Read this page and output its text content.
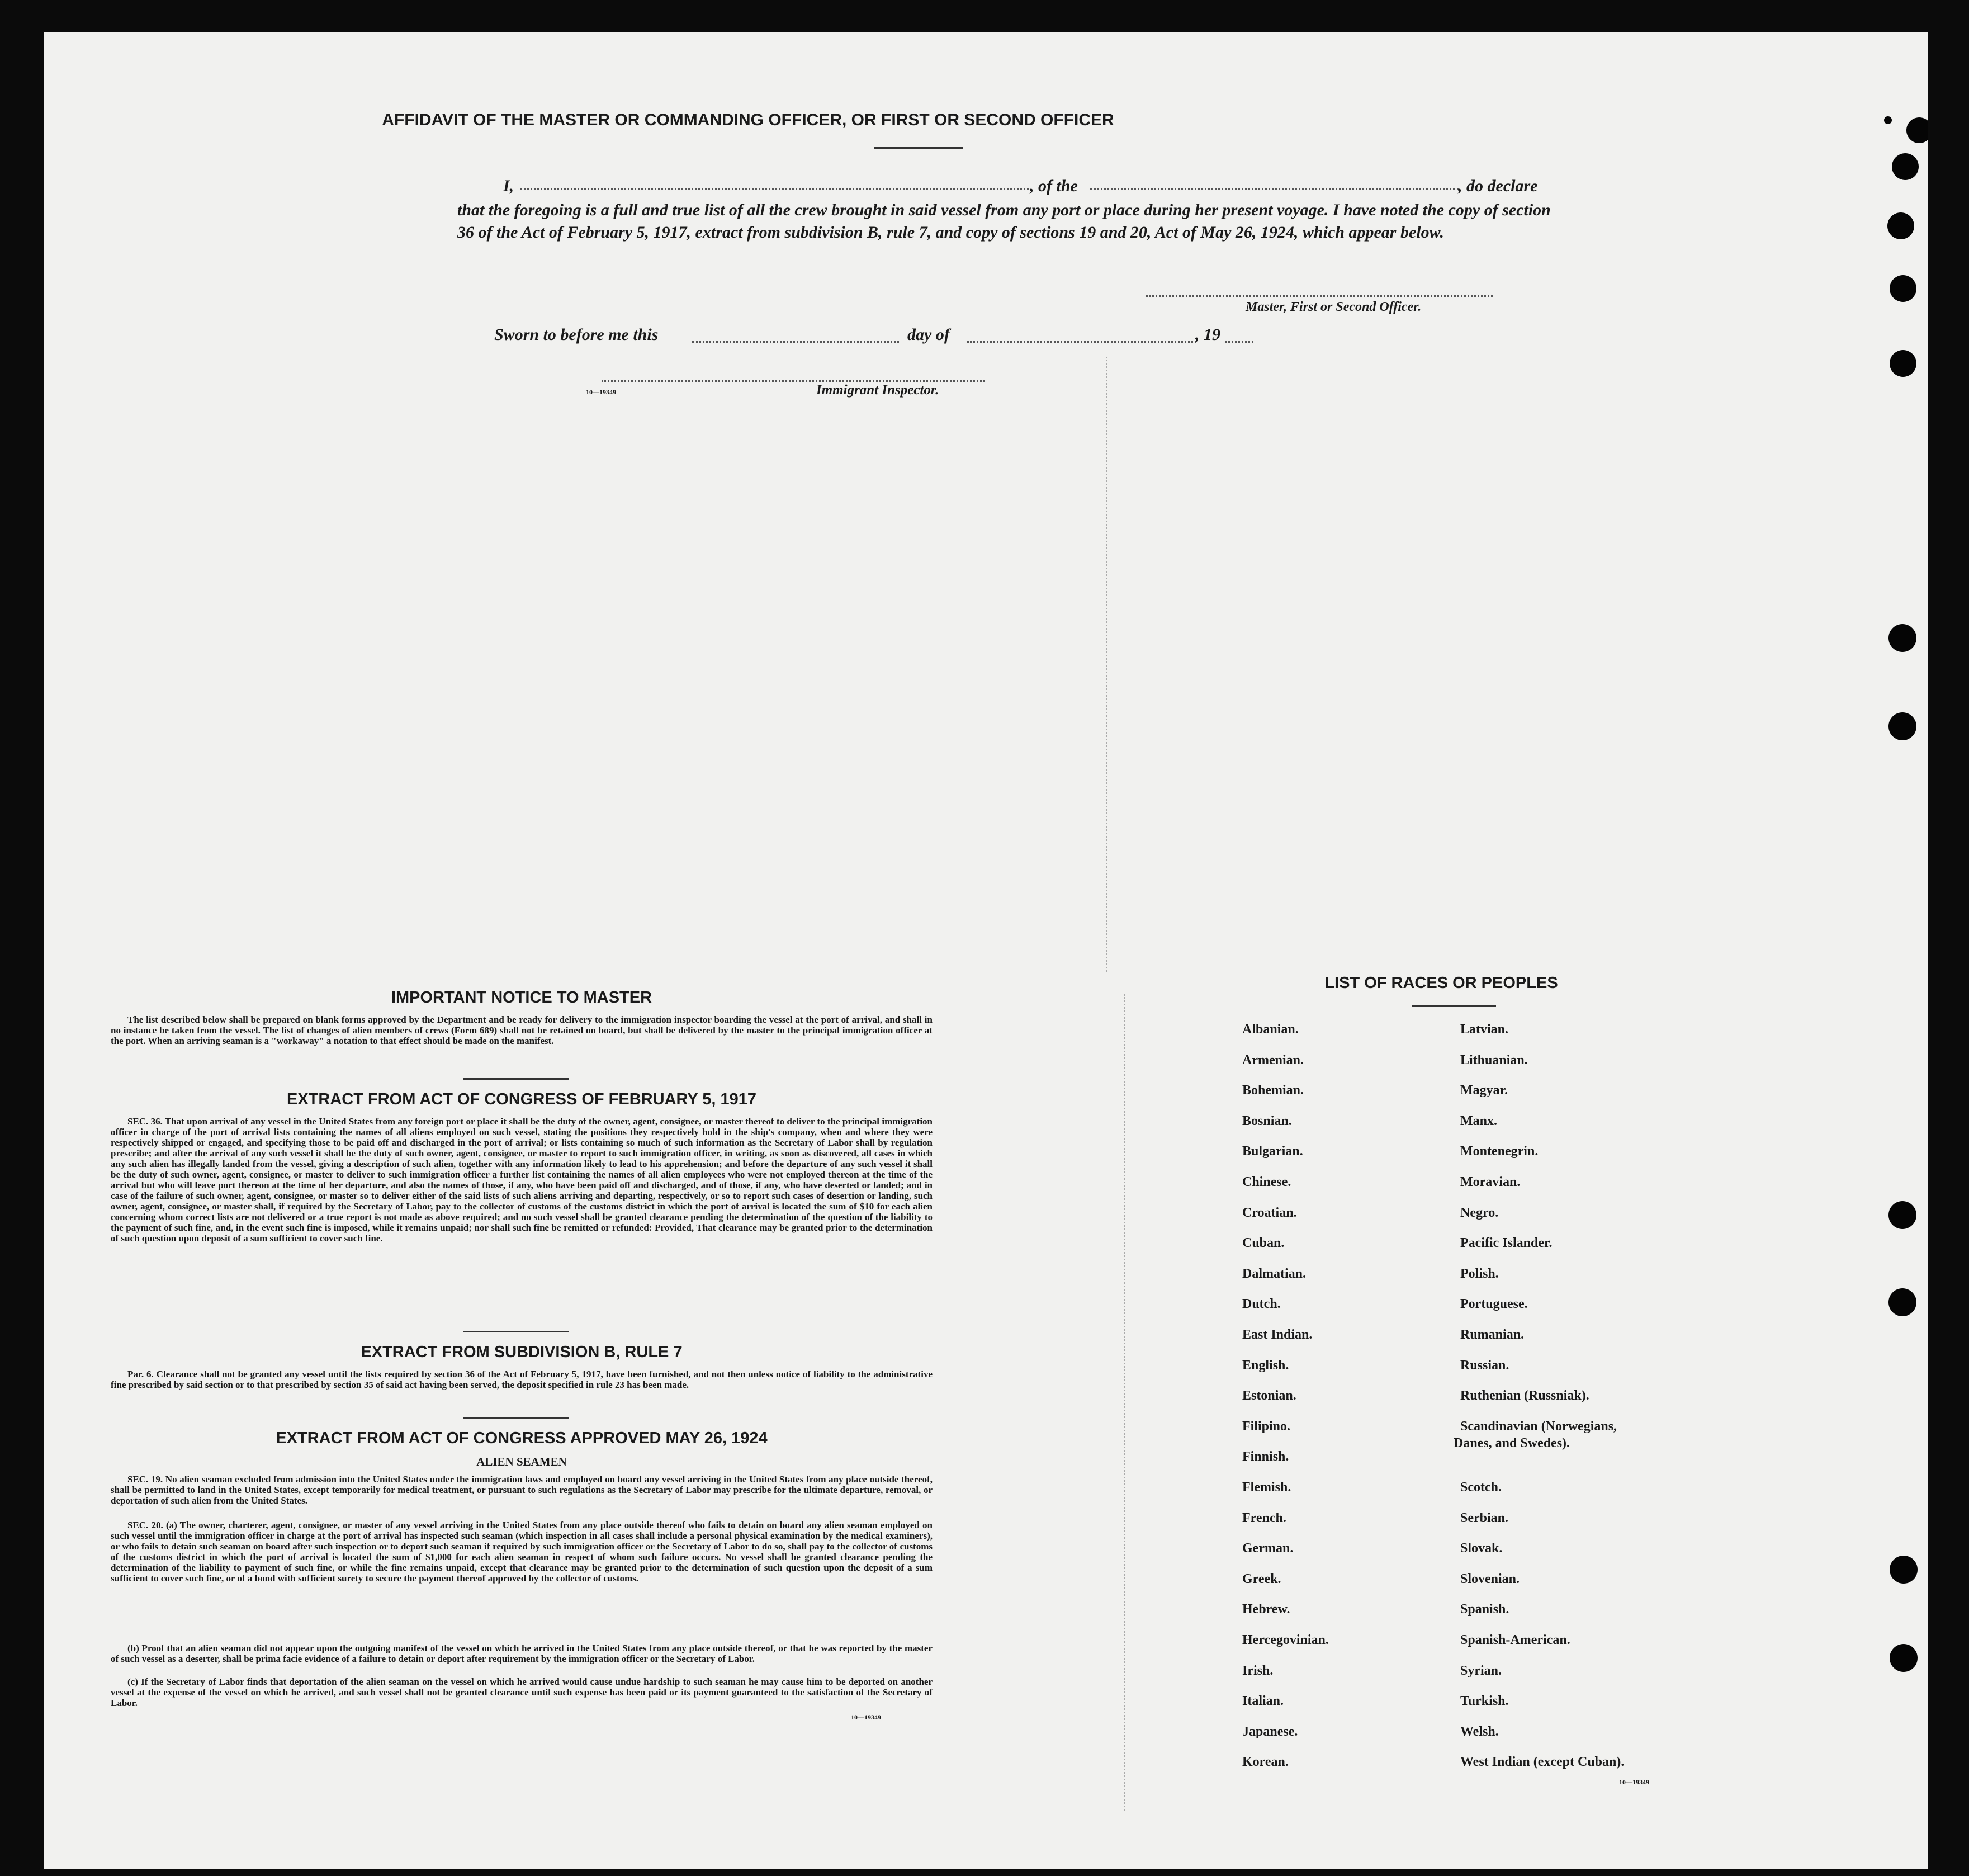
AFFIDAVIT OF THE MASTER OR COMMANDING OFFICER, OR FIRST OR SECOND OFFICER
I,	, of the	, do declare
that the foregoing is a full and true list of all the crew brought in said vessel from any port or place during her present voyage. I have noted the copy of section 36 of the Act of February 5, 1917, extract from subdivision B, rule 7, and copy of sections 19 and 20, Act of May 26, 1924, which appear below.
Master, First or Second Officer.
Sworn to before me this	day of	, 19
10—19349	Immigrant Inspector.
IMPORTANT NOTICE TO MASTER
The list described below shall be prepared on blank forms approved by the Department and be ready for delivery to the immigration inspector boarding the vessel at the port of arrival, and shall in no instance be taken from the vessel. The list of changes of alien members of crews (Form 689) shall not be retained on board, but shall be delivered by the master to the principal immigration officer at the port. When an arriving seaman is a "workaway" a notation to that effect should be made on the manifest.
EXTRACT FROM ACT OF CONGRESS OF FEBRUARY 5, 1917
SEC. 36. That upon arrival of any vessel in the United States from any foreign port or place it shall be the duty of the owner, agent, consignee, or master thereof to deliver to the principal immigration officer in charge of the port of arrival lists containing the names of all aliens employed on such vessel, stating the positions they respectively hold in the ship's company, when and where they were respectively shipped or engaged, and specifying those to be paid off and discharged in the port of arrival; or lists containing so much of such information as the Secretary of Labor shall by regulation prescribe; and after the arrival of any such vessel it shall be the duty of such owner, agent, consignee, or master to report to such immigration officer, in writing, as soon as discovered, all cases in which any such alien has illegally landed from the vessel, giving a description of such alien, together with any information likely to lead to his apprehension; and before the departure of any such vessel it shall be the duty of such owner, agent, consignee, or master to deliver to such immigration officer a further list containing the names of all alien employees who were not employed thereon at the time of the arrival but who will leave port thereon at the time of her departure, and also the names of those, if any, who have been paid off and discharged, and of those, if any, who have deserted or landed; and in case of the failure of such owner, agent, consignee, or master so to deliver either of the said lists of such aliens arriving and departing, respectively, or so to report such cases of desertion or landing, such owner, agent, consignee, or master shall, if required by the Secretary of Labor, pay to the collector of customs of the customs district in which the port of arrival is located the sum of $10 for each alien concerning whom correct lists are not delivered or a true report is not made as above required; and no such vessel shall be granted clearance pending the determination of the question of the liability to the payment of such fine, and, in the event such fine is imposed, while it remains unpaid; nor shall such fine be remitted or refunded: Provided, That clearance may be granted prior to the determination of such question upon deposit of a sum sufficient to cover such fine.
EXTRACT FROM SUBDIVISION B, RULE 7
Par. 6. Clearance shall not be granted any vessel until the lists required by section 36 of the Act of February 5, 1917, have been furnished, and not then unless notice of liability to the administrative fine prescribed by said section or to that prescribed by section 35 of said act having been served, the deposit specified in rule 23 has been made.
EXTRACT FROM ACT OF CONGRESS APPROVED MAY 26, 1924
ALIEN SEAMEN
SEC. 19. No alien seaman excluded from admission into the United States under the immigration laws and employed on board any vessel arriving in the United States from any place outside thereof, shall be permitted to land in the United States, except temporarily for medical treatment, or pursuant to such regulations as the Secretary of Labor may prescribe for the ultimate departure, removal, or deportation of such alien from the United States.
SEC. 20. (a) The owner, charterer, agent, consignee, or master of any vessel arriving in the United States from any place outside thereof who fails to detain on board any alien seaman employed on such vessel until the immigration officer in charge at the port of arrival has inspected such seaman (which inspection in all cases shall include a personal physical examination by the medical examiners), or who fails to detain such seaman on board after such inspection or to deport such seaman if required by such immigration officer or the Secretary of Labor to do so, shall pay to the collector of customs of the customs district in which the port of arrival is located the sum of $1,000 for each alien seaman in respect of whom such failure occurs. No vessel shall be granted clearance pending the determination of the liability to payment of such fine, or while the fine remains unpaid, except that clearance may be granted prior to the determination of such question upon the deposit of a sum sufficient to cover such fine, or of a bond with sufficient surety to secure the payment thereof approved by the collector of customs.
(b) Proof that an alien seaman did not appear upon the outgoing manifest of the vessel on which he arrived in the United States from any place outside thereof, or that he was reported by the master of such vessel as a deserter, shall be prima facie evidence of a failure to detain or deport after requirement by the immigration officer or the Secretary of Labor.
(c) If the Secretary of Labor finds that deportation of the alien seaman on the vessel on which he arrived would cause undue hardship to such seaman he may cause him to be deported on another vessel at the expense of the vessel on which he arrived, and such vessel shall not be granted clearance until such expense has been paid or its payment guaranteed to the satisfaction of the Secretary of Labor.
10—19349
LIST OF RACES OR PEOPLES
Albanian.
Armenian.
Bohemian.
Bosnian.
Bulgarian.
Chinese.
Croatian.
Cuban.
Dalmatian.
Dutch.
East Indian.
English.
Estonian.
Filipino.
Finnish.
Flemish.
French.
German.
Greek.
Hebrew.
Hercegovinian.
Irish.
Italian.
Japanese.
Korean.
Latvian.
Lithuanian.
Magyar.
Manx.
Montenegrin.
Moravian.
Negro.
Pacific Islander.
Polish.
Portuguese.
Rumanian.
Russian.
Ruthenian (Russniak).
Scandinavian (Norwegians,
Danes, and Swedes).
Scotch.
Serbian.
Slovak.
Slovenian.
Spanish.
Spanish-American.
Syrian.
Turkish.
Welsh.
West Indian (except Cuban).
10—19349
